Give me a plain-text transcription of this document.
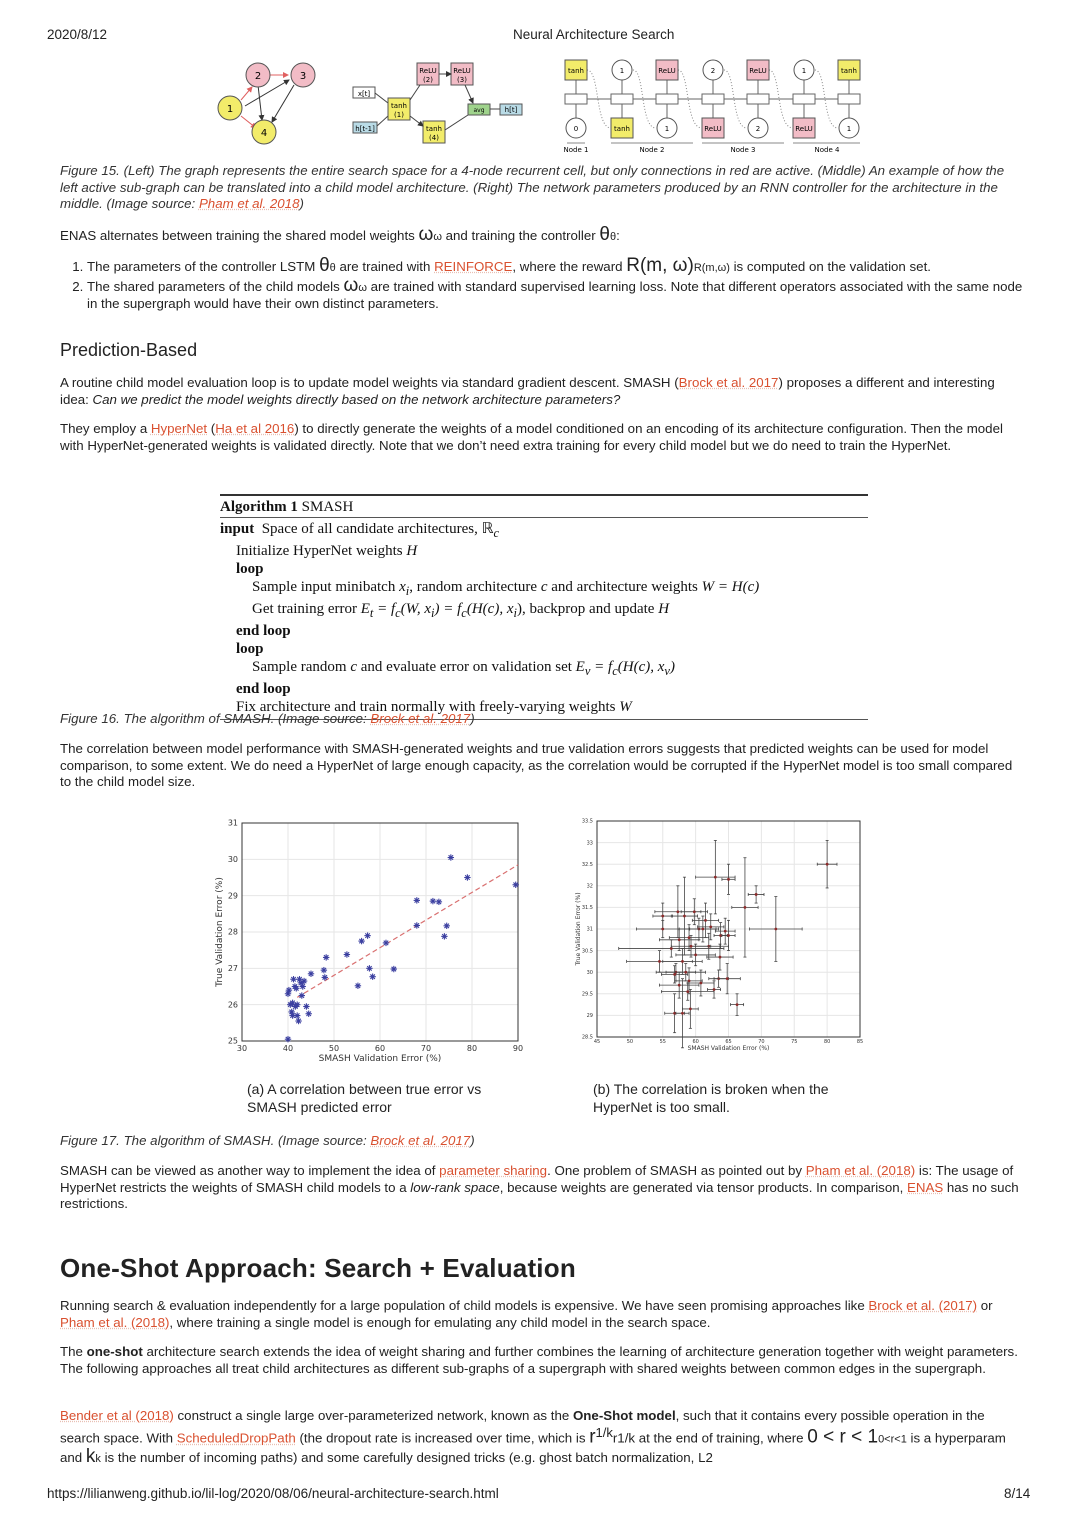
2020/8/12	Neural Architecture Search
1
2	3
4
x[t]
h[t-1]
tanh
(1)
ReLU
(2)
ReLU
(3)
tanh
(4)
avg	h[t]
tanh	1	ReLU	2	ReLU	1	tanh
0	tanh	1	ReLU	2	ReLU	1
Node 1	Node 2	Node 3	Node 4
Figure 15. (Left) The graph represents the entire search space for a 4-node recurrent cell, but only connections in red are active. (Middle) An example of how the left active sub-graph can be translated into a child model architecture. (Right) The network parameters produced by an RNN controller for the architecture in the middle. (Image source: Pham et al. 2018)
ENAS alternates between training the shared model weights ωω and training the controller θθ:
1. The parameters of the controller LSTM θθ are trained with REINFORCE, where the reward R(m, ω)R(m,ω) is computed on the validation set.
2. The shared parameters of the child models ωω are trained with standard supervised learning loss. Note that different operators associated with the same node in the supergraph would have their own distinct parameters.
Prediction-Based
A routine child model evaluation loop is to update model weights via standard gradient descent. SMASH (Brock et al. 2017) proposes a different and interesting idea: Can we predict the model weights directly based on the network architecture parameters?
They employ a HyperNet (Ha et al 2016) to directly generate the weights of a model conditioned on an encoding of its architecture configuration. Then the model with HyperNet-generated weights is validated directly. Note that we don’t need extra training for every child model but we do need to train the HyperNet.
Algorithm 1 SMASH
input Space of all candidate architectures, ℝ$_c$
Initialize HyperNet weights H
loop
Sample input minibatch $x_i$, random architecture c and architecture weights W = H(c)
Get training error $E_t = f_c(W$, $x_i) = f_c(H(c)$, $x_i$), backprop and update H
end loop
loop
Sample random c and evaluate error on validation set $E_v = f_c(H(c)$, $x_v$)
end loop
Fix architecture and train normally with freely-varying weights W
Figure 16. The algorithm of SMASH. (Image source: Brock et al. 2017)
The correlation between model performance with SMASH-generated weights and true validation errors suggests that predicted weights can be used for model comparison, to some extent. We do need a HyperNet of large enough capacity, as the correlation would be corrupted if the HyperNet model is too small compared to the child model size.
30	40	50	60	70	80	90
25
26
27
28
29
30
31
SMASH Validation Error (%)
True Validation Error (%)
45	50	55	60	65	70	75	80	85
28.5
29
29.5
30
30.5
31
31.5
32
32.5
33
33.5
SMASH Validation Error (%)
True Validation Error (%)
(a) A correlation between true error vs
SMASH predicted error
(b) The correlation is broken when the
HyperNet is too small.
Figure 17. The algorithm of SMASH. (Image source: Brock et al. 2017)
SMASH can be viewed as another way to implement the idea of parameter sharing. One problem of SMASH as pointed out by Pham et al. (2018) is: The usage of HyperNet restricts the weights of SMASH child models to a low-rank space, because weights are generated via tensor products. In comparison, ENAS has no such restrictions.
One-Shot Approach: Search + Evaluation
Running search & evaluation independently for a large population of child models is expensive. We have seen promising approaches like Brock et al. (2017) or Pham et al. (2018), where training a single model is enough for emulating any child model in the search space.
The one-shot architecture search extends the idea of weight sharing and further combines the learning of architecture generation together with weight parameters. The following approaches all treat child architectures as different sub-graphs of a supergraph with shared weights between common edges in the supergraph.
Bender et al (2018) construct a single large over-parameterized network, known as the One-Shot model, such that it contains every possible operation in the search space. With ScheduledDropPath (the dropout rate is increased over time, which is $r^{1/k}r1/k$ at the end of training, where 0 < r < 10<r<1 is a hyperparam and kk is the number of incoming paths) and some carefully designed tricks (e.g. ghost batch normalization, L2
https://lilianweng.github.io/lil-log/2020/08/06/neural-architecture-search.html	8/14
